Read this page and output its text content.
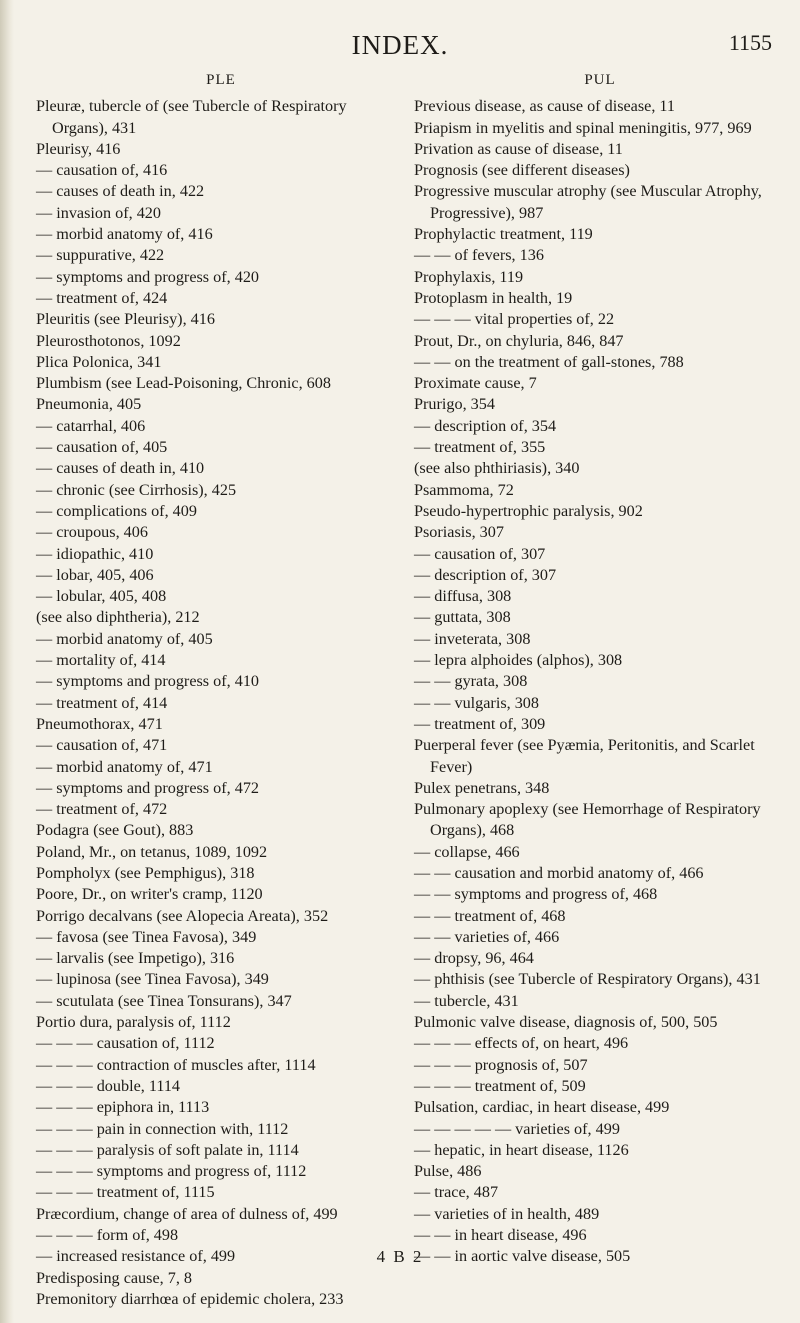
INDEX.	1155
PLE
Pleuræ, tubercle of (see Tubercle of Respiratory Organs), 431
Pleurisy, 416
— causation of, 416
— causes of death in, 422
— invasion of, 420
— morbid anatomy of, 416
— suppurative, 422
— symptoms and progress of, 420
— treatment of, 424
Pleuritis (see Pleurisy), 416
Pleurosthotonos, 1092
Plica Polonica, 341
Plumbism (see Lead-Poisoning, Chronic, 608
Pneumonia, 405
— catarrhal, 406
— causation of, 405
— causes of death in, 410
— chronic (see Cirrhosis), 425
— complications of, 409
— croupous, 406
— idiopathic, 410
— lobar, 405, 406
— lobular, 405, 408
(see also diphtheria), 212
— morbid anatomy of, 405
— mortality of, 414
— symptoms and progress of, 410
— treatment of, 414
Pneumothorax, 471
— causation of, 471
— morbid anatomy of, 471
— symptoms and progress of, 472
— treatment of, 472
Podagra (see Gout), 883
Poland, Mr., on tetanus, 1089, 1092
Pompholyx (see Pemphigus), 318
Poore, Dr., on writer's cramp, 1120
Porrigo decalvans (see Alopecia Areata), 352
— favosa (see Tinea Favosa), 349
— larvalis (see Impetigo), 316
— lupinosa (see Tinea Favosa), 349
— scutulata (see Tinea Tonsurans), 347
Portio dura, paralysis of, 1112
— — — causation of, 1112
— — — contraction of muscles after, 1114
— — — double, 1114
— — — epiphora in, 1113
— — — pain in connection with, 1112
— — — paralysis of soft palate in, 1114
— — — symptoms and progress of, 1112
— — — treatment of, 1115
Præcordium, change of area of dulness of, 499
— — — form of, 498
— increased resistance of, 499
Predisposing cause, 7, 8
Premonitory diarrhœa of epidemic cholera, 233
PUL
Previous disease, as cause of disease, 11
Priapism in myelitis and spinal meningitis, 977, 969
Privation as cause of disease, 11
Prognosis (see different diseases)
Progressive muscular atrophy (see Muscular Atrophy, Progressive), 987
Prophylactic treatment, 119
— — of fevers, 136
Prophylaxis, 119
Protoplasm in health, 19
— — — vital properties of, 22
Prout, Dr., on chyluria, 846, 847
— — on the treatment of gall-stones, 788
Proximate cause, 7
Prurigo, 354
— description of, 354
— treatment of, 355
(see also phthiriasis), 340
Psammoma, 72
Pseudo-hypertrophic paralysis, 902
Psoriasis, 307
— causation of, 307
— description of, 307
— diffusa, 308
— guttata, 308
— inveterata, 308
— lepra alphoides (alphos), 308
— — gyrata, 308
— — vulgaris, 308
— treatment of, 309
Puerperal fever (see Pyæmia, Peritonitis, and Scarlet Fever)
Pulex penetrans, 348
Pulmonary apoplexy (see Hemorrhage of Respiratory Organs), 468
— collapse, 466
— — causation and morbid anatomy of, 466
— — symptoms and progress of, 468
— — treatment of, 468
— — varieties of, 466
— dropsy, 96, 464
— phthisis (see Tubercle of Respiratory Organs), 431
— tubercle, 431
Pulmonic valve disease, diagnosis of, 500, 505
— — — effects of, on heart, 496
— — — prognosis of, 507
— — — treatment of, 509
Pulsation, cardiac, in heart disease, 499
— — — — — varieties of, 499
— hepatic, in heart disease, 1126
Pulse, 486
— trace, 487
— varieties of in health, 489
— — in heart disease, 496
— — in aortic valve disease, 505
4 B 2
